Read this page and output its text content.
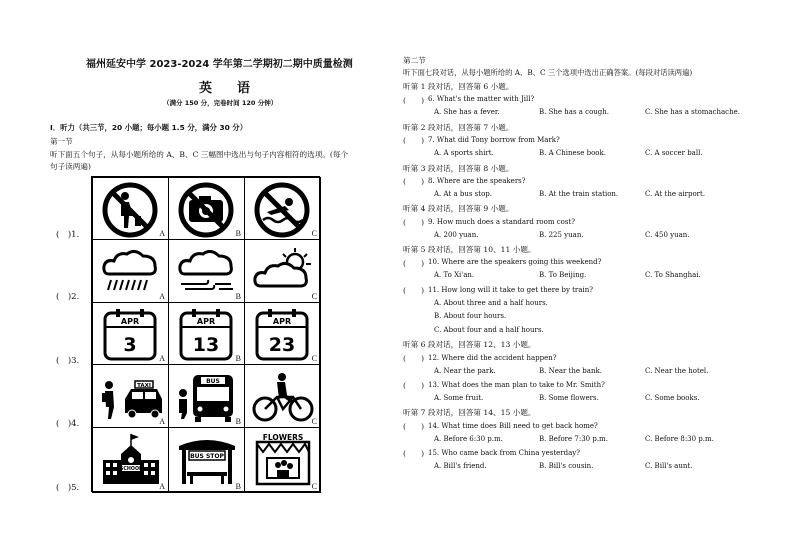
福州延安中学 2023-2024 学年第二学期初二期中质量检测
英　语
（满分 150 分，完卷时间 120 分钟）
Ⅰ．听力（共三节，20 小题；每小题 1.5 分，满分 30 分）
第一节
听下面五个句子，从每小题所给的 A、B、C 三幅图中选出与句子内容相符的选项。(每个
句子读两遍)
(　)1.
(　)2.
(　)3.
(　)4.
(　)5.
A	B	C
A	B	C
APR
3
A
APR
13
B
APR
23
C
TAXI
A
BUS
B	C
SCHOOL
A
BUS STOP
B
FLOWERS
C
第二节
听下面七段对话，从每小题所给的 A、B、C 三个选项中选出正确答案。(每段对话读两遍)
听第 1 段对话，回答第 6 小题。
(　　) 6. What's the matter with Jill?
A. She has a fever.	B. She has a cough.	C. She has a stomachache.
听第 2 段对话，回答第 7 小题。
(　　) 7. What did Tony borrow from Mark?
A. A sports shirt.	B. A Chinese book.	C. A soccer ball.
听第 3 段对话，回答第 8 小题。
(　　) 8. Where are the speakers?
A. At a bus stop.	B. At the train station.	C. At the airport.
听第 4 段对话，回答第 9 小题。
(　　) 9. How much does a standard room cost?
A. 200 yuan.	B. 225 yuan.	C. 450 yuan.
听第 5 段对话，回答第 10、11 小题。
(　　) 10. Where are the speakers going this weekend?
A. To Xi'an.	B. To Beijing.	C. To Shanghai.
(　　) 11. How long will it take to get there by train?
A. About three and a half hours.
B. About four hours.
C. About four and a half hours.
听第 6 段对话，回答第 12、13 小题。
(　　) 12. Where did the accident happen?
A. Near the park.	B. Near the bank.	C. Near the hotel.
(　　) 13. What does the man plan to take to Mr. Smith?
A. Some fruit.	B. Some flowers.	C. Some books.
听第 7 段对话，回答第 14、15 小题。
(　　) 14. What time does Bill need to get back home?
A. Before 6:30 p.m.	B. Before 7:30 p.m.	C. Before 8:30 p.m.
(　　) 15. Who came back from China yesterday?
A. Bill's friend.	B. Bill's cousin.	C. Bill's aunt.
